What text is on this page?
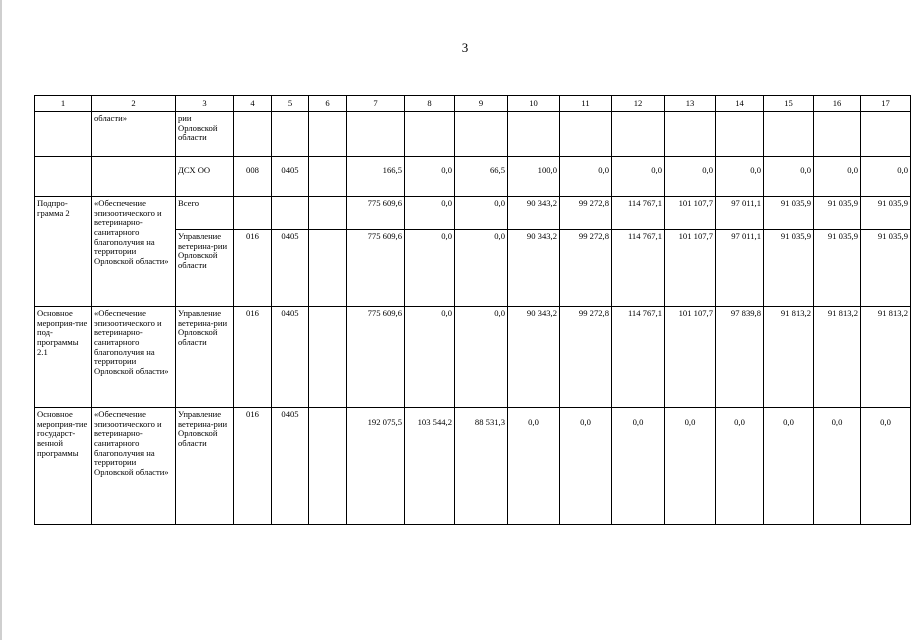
3
1	2	3	4	5	6	7	8	9	10	11	12	13	14	15	16	17
	области»	рии Орловской области														
		ДСХ ОО	008	0405		166,5	0,0	66,5	100,0	0,0	0,0	0,0	0,0	0,0	0,0	0,0
Подпро-грамма 2	«Обеспечение эпизоотического и ветеринарно-санитарного благополучия на территории Орловской области»	Всего				775 609,6	0,0	0,0	90 343,2	99 272,8	114 767,1	101 107,7	97 011,1	91 035,9	91 035,9	91 035,9
		Управление ветерина-рии Орловской области	016	0405		775 609,6	0,0	0,0	90 343,2	99 272,8	114 767,1	101 107,7	97 011,1	91 035,9	91 035,9	91 035,9
Основное мероприя-тие под-программы 2.1	«Обеспечение эпизоотического и ветеринарно-санитарного благополучия на территории Орловской области»	Управление ветерина-рии Орловской области	016	0405		775 609,6	0,0	0,0	90 343,2	99 272,8	114 767,1	101 107,7	97 839,8	91 813,2	91 813,2	91 813,2
Основное мероприя-тие государст-венной программы	«Обеспечение эпизоотического и ветеринарно-санитарного благополучия на территории Орловской области»	Управление ветерина-рии Орловской области	016	0405		192 075,5	103 544,2	88 531,3	0,0	0,0	0,0	0,0	0,0	0,0	0,0	0,0
